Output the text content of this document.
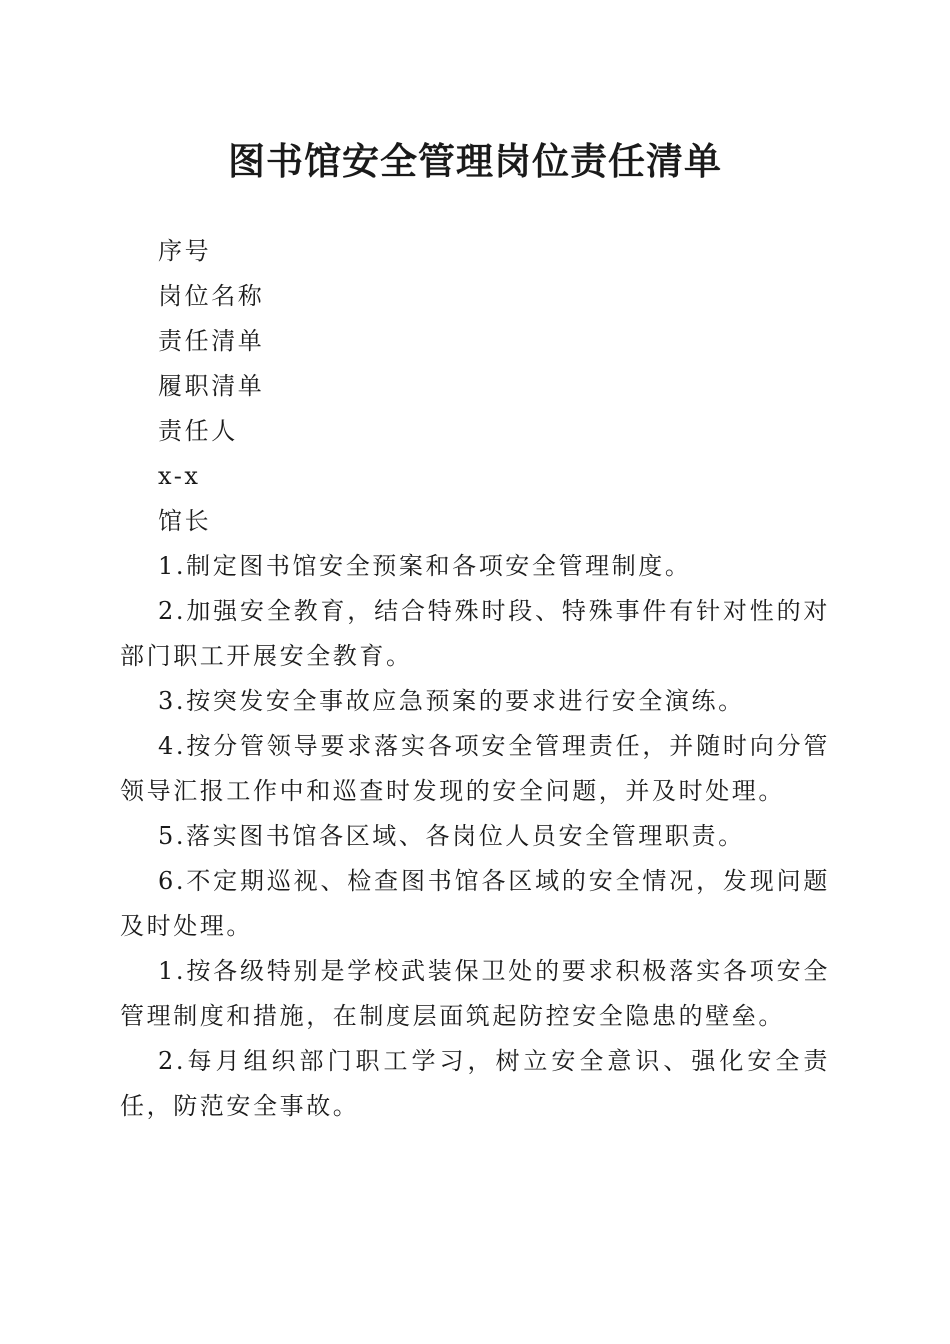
图书馆安全管理岗位责任清单

序号

岗位名称

责任清单

履职清单

责任人

x-x

馆长

1.制定图书馆安全预案和各项安全管理制度。

2.加强安全教育，结合特殊时段、特殊事件有针对性的对部门职工开展安全教育。

3.按突发安全事故应急预案的要求进行安全演练。

4.按分管领导要求落实各项安全管理责任，并随时向分管领导汇报工作中和巡查时发现的安全问题，并及时处理。

5.落实图书馆各区域、各岗位人员安全管理职责。

6.不定期巡视、检查图书馆各区域的安全情况，发现问题及时处理。

1.按各级特别是学校武装保卫处的要求积极落实各项安全管理制度和措施，在制度层面筑起防控安全隐患的壁垒。

2.每月组织部门职工学习，树立安全意识、强化安全责任，防范安全事故。
